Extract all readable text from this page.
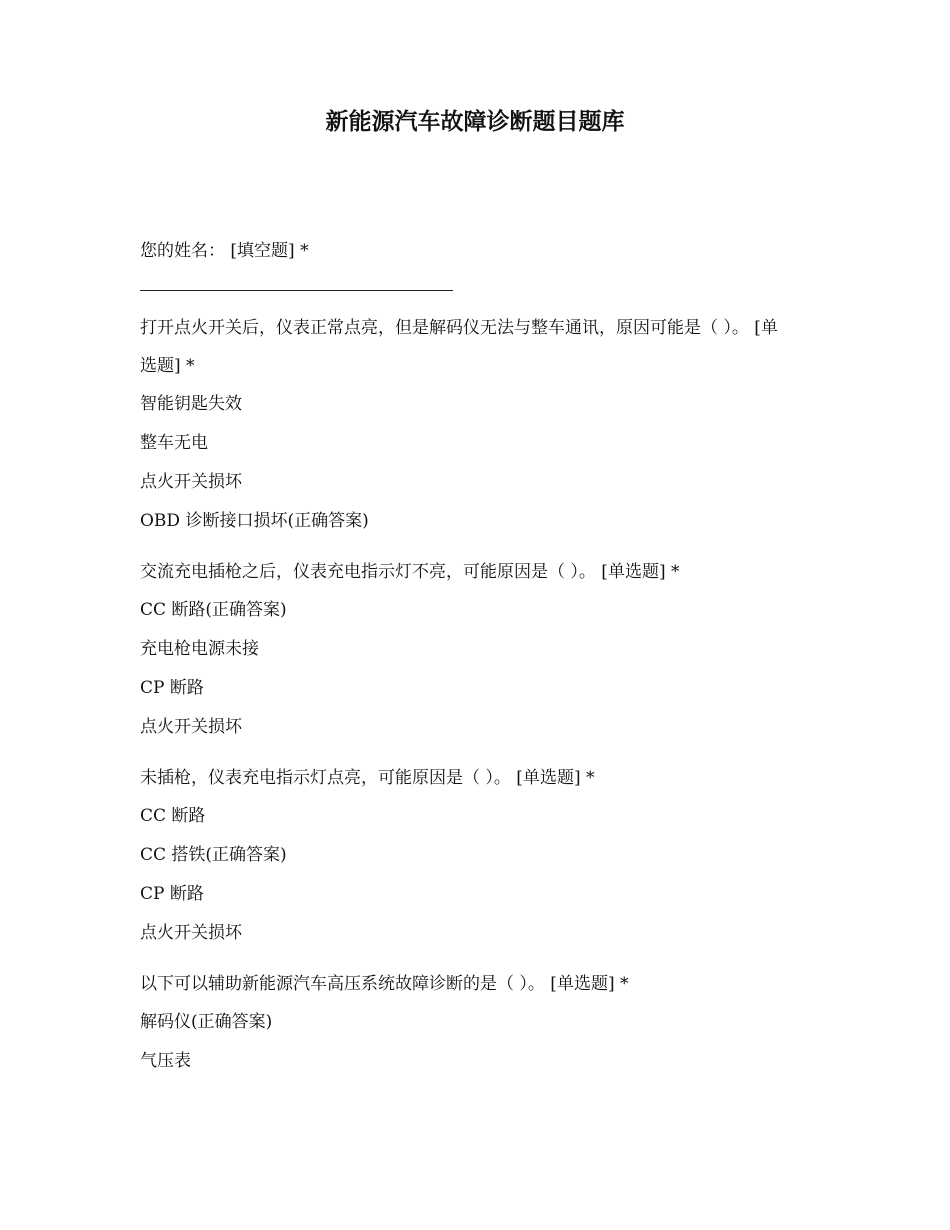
新能源汽车故障诊断题目题库
您的姓名： [填空题] *
打开点火开关后，仪表正常点亮，但是解码仪无法与整车通讯，原因可能是（ ）。 [单选题] *
智能钥匙失效
整车无电
点火开关损坏
OBD 诊断接口损坏(正确答案)
交流充电插枪之后，仪表充电指示灯不亮，可能原因是（ ）。 [单选题] *
CC 断路(正确答案)
充电枪电源未接
CP 断路
点火开关损坏
未插枪，仪表充电指示灯点亮，可能原因是（ ）。 [单选题] *
CC 断路
CC 搭铁(正确答案)
CP 断路
点火开关损坏
以下可以辅助新能源汽车高压系统故障诊断的是（ ）。 [单选题] *
解码仪(正确答案)
气压表
